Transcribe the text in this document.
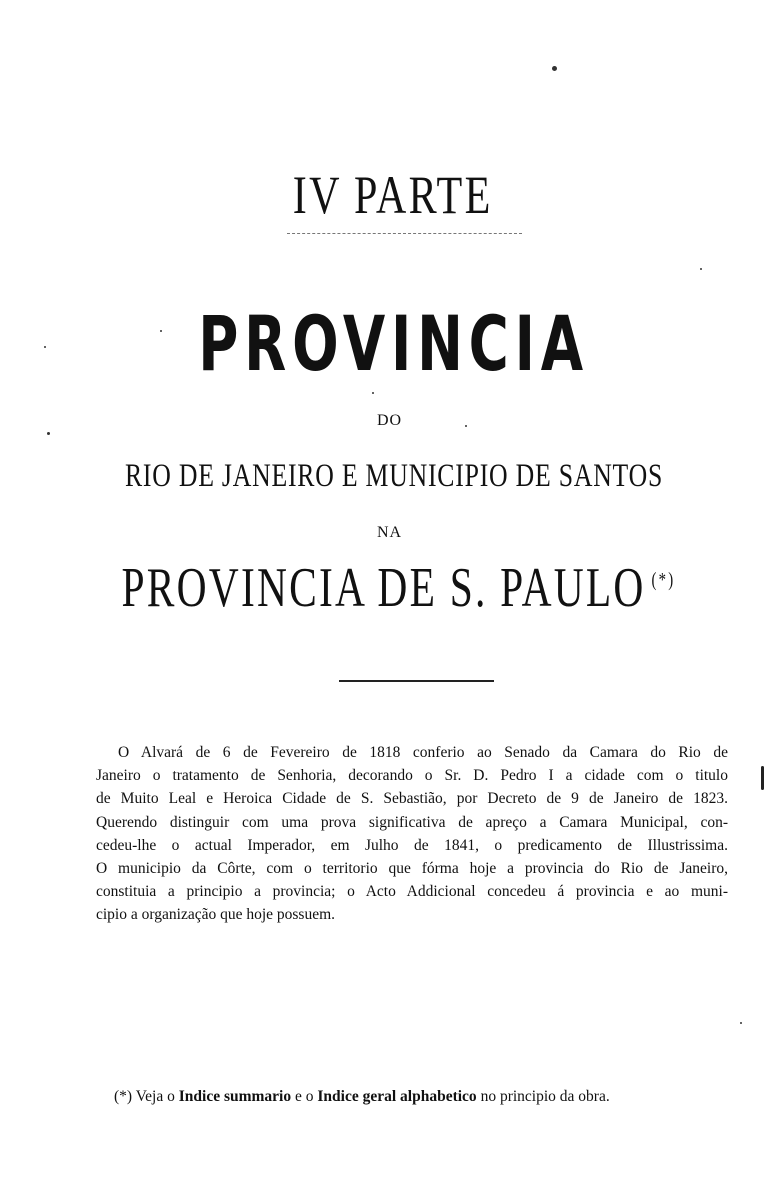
IV PARTE
PROVINCIA
DO
RIO DE JANEIRO E MUNICIPIO DE SANTOS
NA
PROVINCIA DE S. PAULO (*)
O Alvará de 6 de Fevereiro de 1818 conferio ao Senado da Camara do Rio de
Janeiro o tratamento de Senhoria, decorando o Sr. D. Pedro I a cidade com o titulo
de Muito Leal e Heroica Cidade de S. Sebastião, por Decreto de 9 de Janeiro de 1823.
Querendo distinguir com uma prova significativa de apreço a Camara Municipal, con-
cedeu-lhe o actual Imperador, em Julho de 1841, o predicamento de Illustrissima.
O municipio da Côrte, com o territorio que fórma hoje a provincia do Rio de Janeiro,
constituia a principio a provincia; o Acto Addicional concedeu á provincia e ao muni-
cipio a organização que hoje possuem.
(*) Veja o Indice summario e o Indice geral alphabetico no principio da obra.
